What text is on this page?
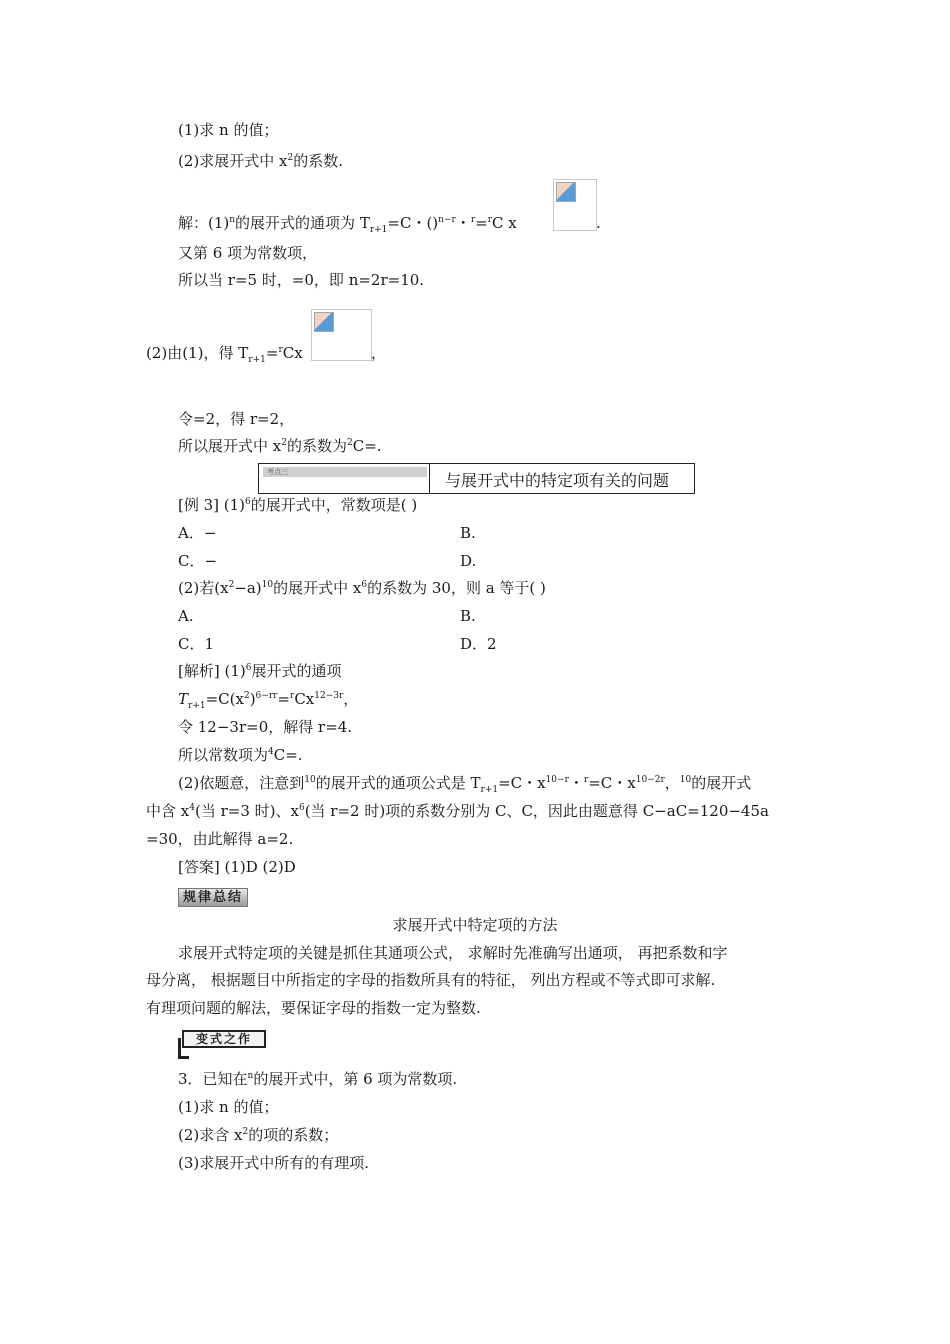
(1)求 n 的值；
(2)求展开式中 $x^2$的系数.
解：$(1)^n$的展开式的通项为 $T_{r+1}=C$・()$^{n-r}$・$^r$=$^r$C x	.
又第 6 项为常数项，
所以当 r=5 时，=0，即 n=2r=10.
(2)由(1)，得 $T_{r+1}=^rCx$	，
令=2，得 r=2，
所以展开式中 $x^2$的系数为$^2$C=.
考点三	与展开式中的特定项有关的问题
[例 3] $(1)^6$的展开式中，常数项是( )
A．−	B.
C．−	D.
(2)若$(x^2-a)^{10}$的展开式中 $x^6$的系数为 30，则 a 等于( )
A.	B.
C．1	D．2
[解析] $(1)^6$展开式的通项
$T_{r+1}=C(x^2)^{6-rr}=^rCx^{12-3r}$，
令 12−3r=0，解得 r=4.
所以常数项为$^4$C=.
(2)依题意，注意到$^{10}$的展开式的通项公式是 $T_{r+1}=C$・$x^{10-r}$・$^r$=C・$x^{10-2r}$，$^{10}$的展开式
中含 $x^4$(当 r=3 时)、$x^6$(当 r=2 时)项的系数分别为 C、C，因此由题意得 C−aC=120−45a
=30，由此解得 a=2.
[答案] (1)D (2)D
规律总结
求展开式中特定项的方法
求展开式特定项的关键是抓住其通项公式， 求解时先准确写出通项， 再把系数和字
母分离， 根据题目中所指定的字母的指数所具有的特征， 列出方程或不等式即可求解.
有理项问题的解法，要保证字母的指数一定为整数.
变式之作
3．已知在$^n$的展开式中，第 6 项为常数项.
(1)求 n 的值；
(2)求含 $x^2$的项的系数；
(3)求展开式中所有的有理项.
